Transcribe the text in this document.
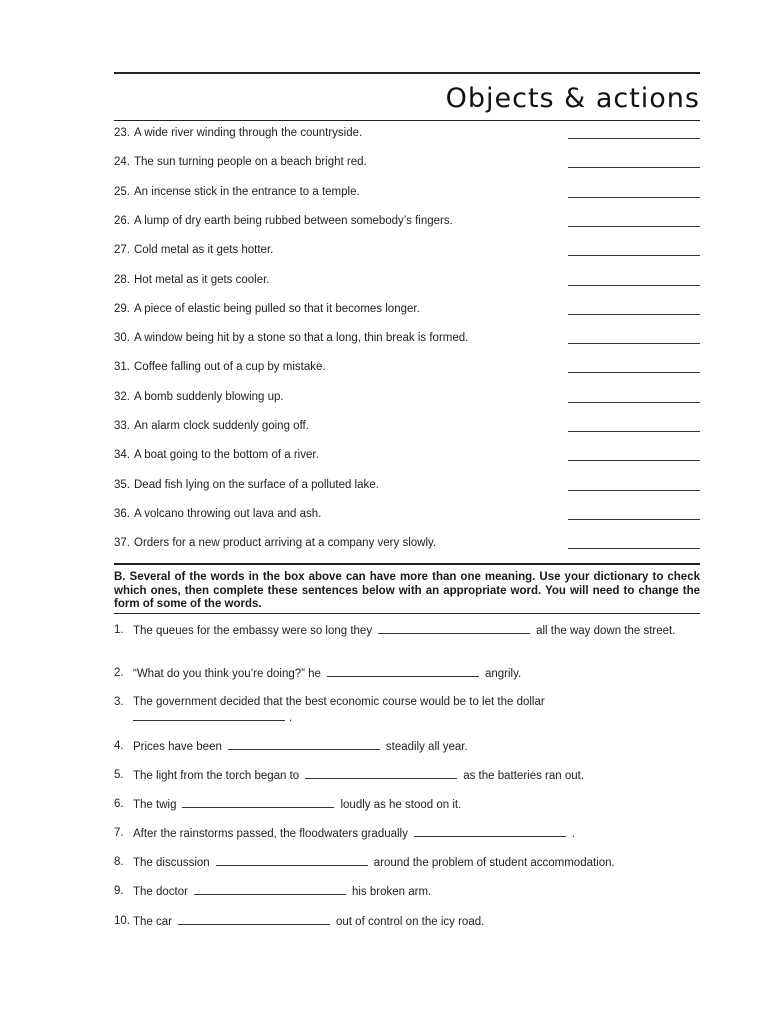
Objects & actions
23. A wide river winding through the countryside.
24. The sun turning people on a beach bright red.
25. An incense stick in the entrance to a temple.
26. A lump of dry earth being rubbed between somebody’s fingers.
27. Cold metal as it gets hotter.
28. Hot metal as it gets cooler.
29. A piece of elastic being pulled so that it becomes longer.
30. A window being hit by a stone so that a long, thin break is formed.
31. Coffee falling out of a cup by mistake.
32. A bomb suddenly blowing up.
33. An alarm clock suddenly going off.
34. A boat going to the bottom of a river.
35. Dead fish lying on the surface of a polluted lake.
36. A volcano throwing out lava and ash.
37. Orders for a new product arriving at a company very slowly.
B. Several of the words in the box above can have more than one meaning. Use your dictionary to check which ones, then complete these sentences below with an appropriate word. You will need to change the form of some of the words.
1. The queues for the embassy were so long they	all the way down the street.
2. “What do you think you’re doing?” he	angrily.
3. The government decided that the best economic course would be to let the dollar
.
4. Prices have been	steadily all year.
5. The light from the torch began to	as the batteries ran out.
6. The twig	loudly as he stood on it.
7. After the rainstorms passed, the floodwaters gradually	.
8. The discussion	around the problem of student accommodation.
9. The doctor	his broken arm.
10. The car	out of control on the icy road.
